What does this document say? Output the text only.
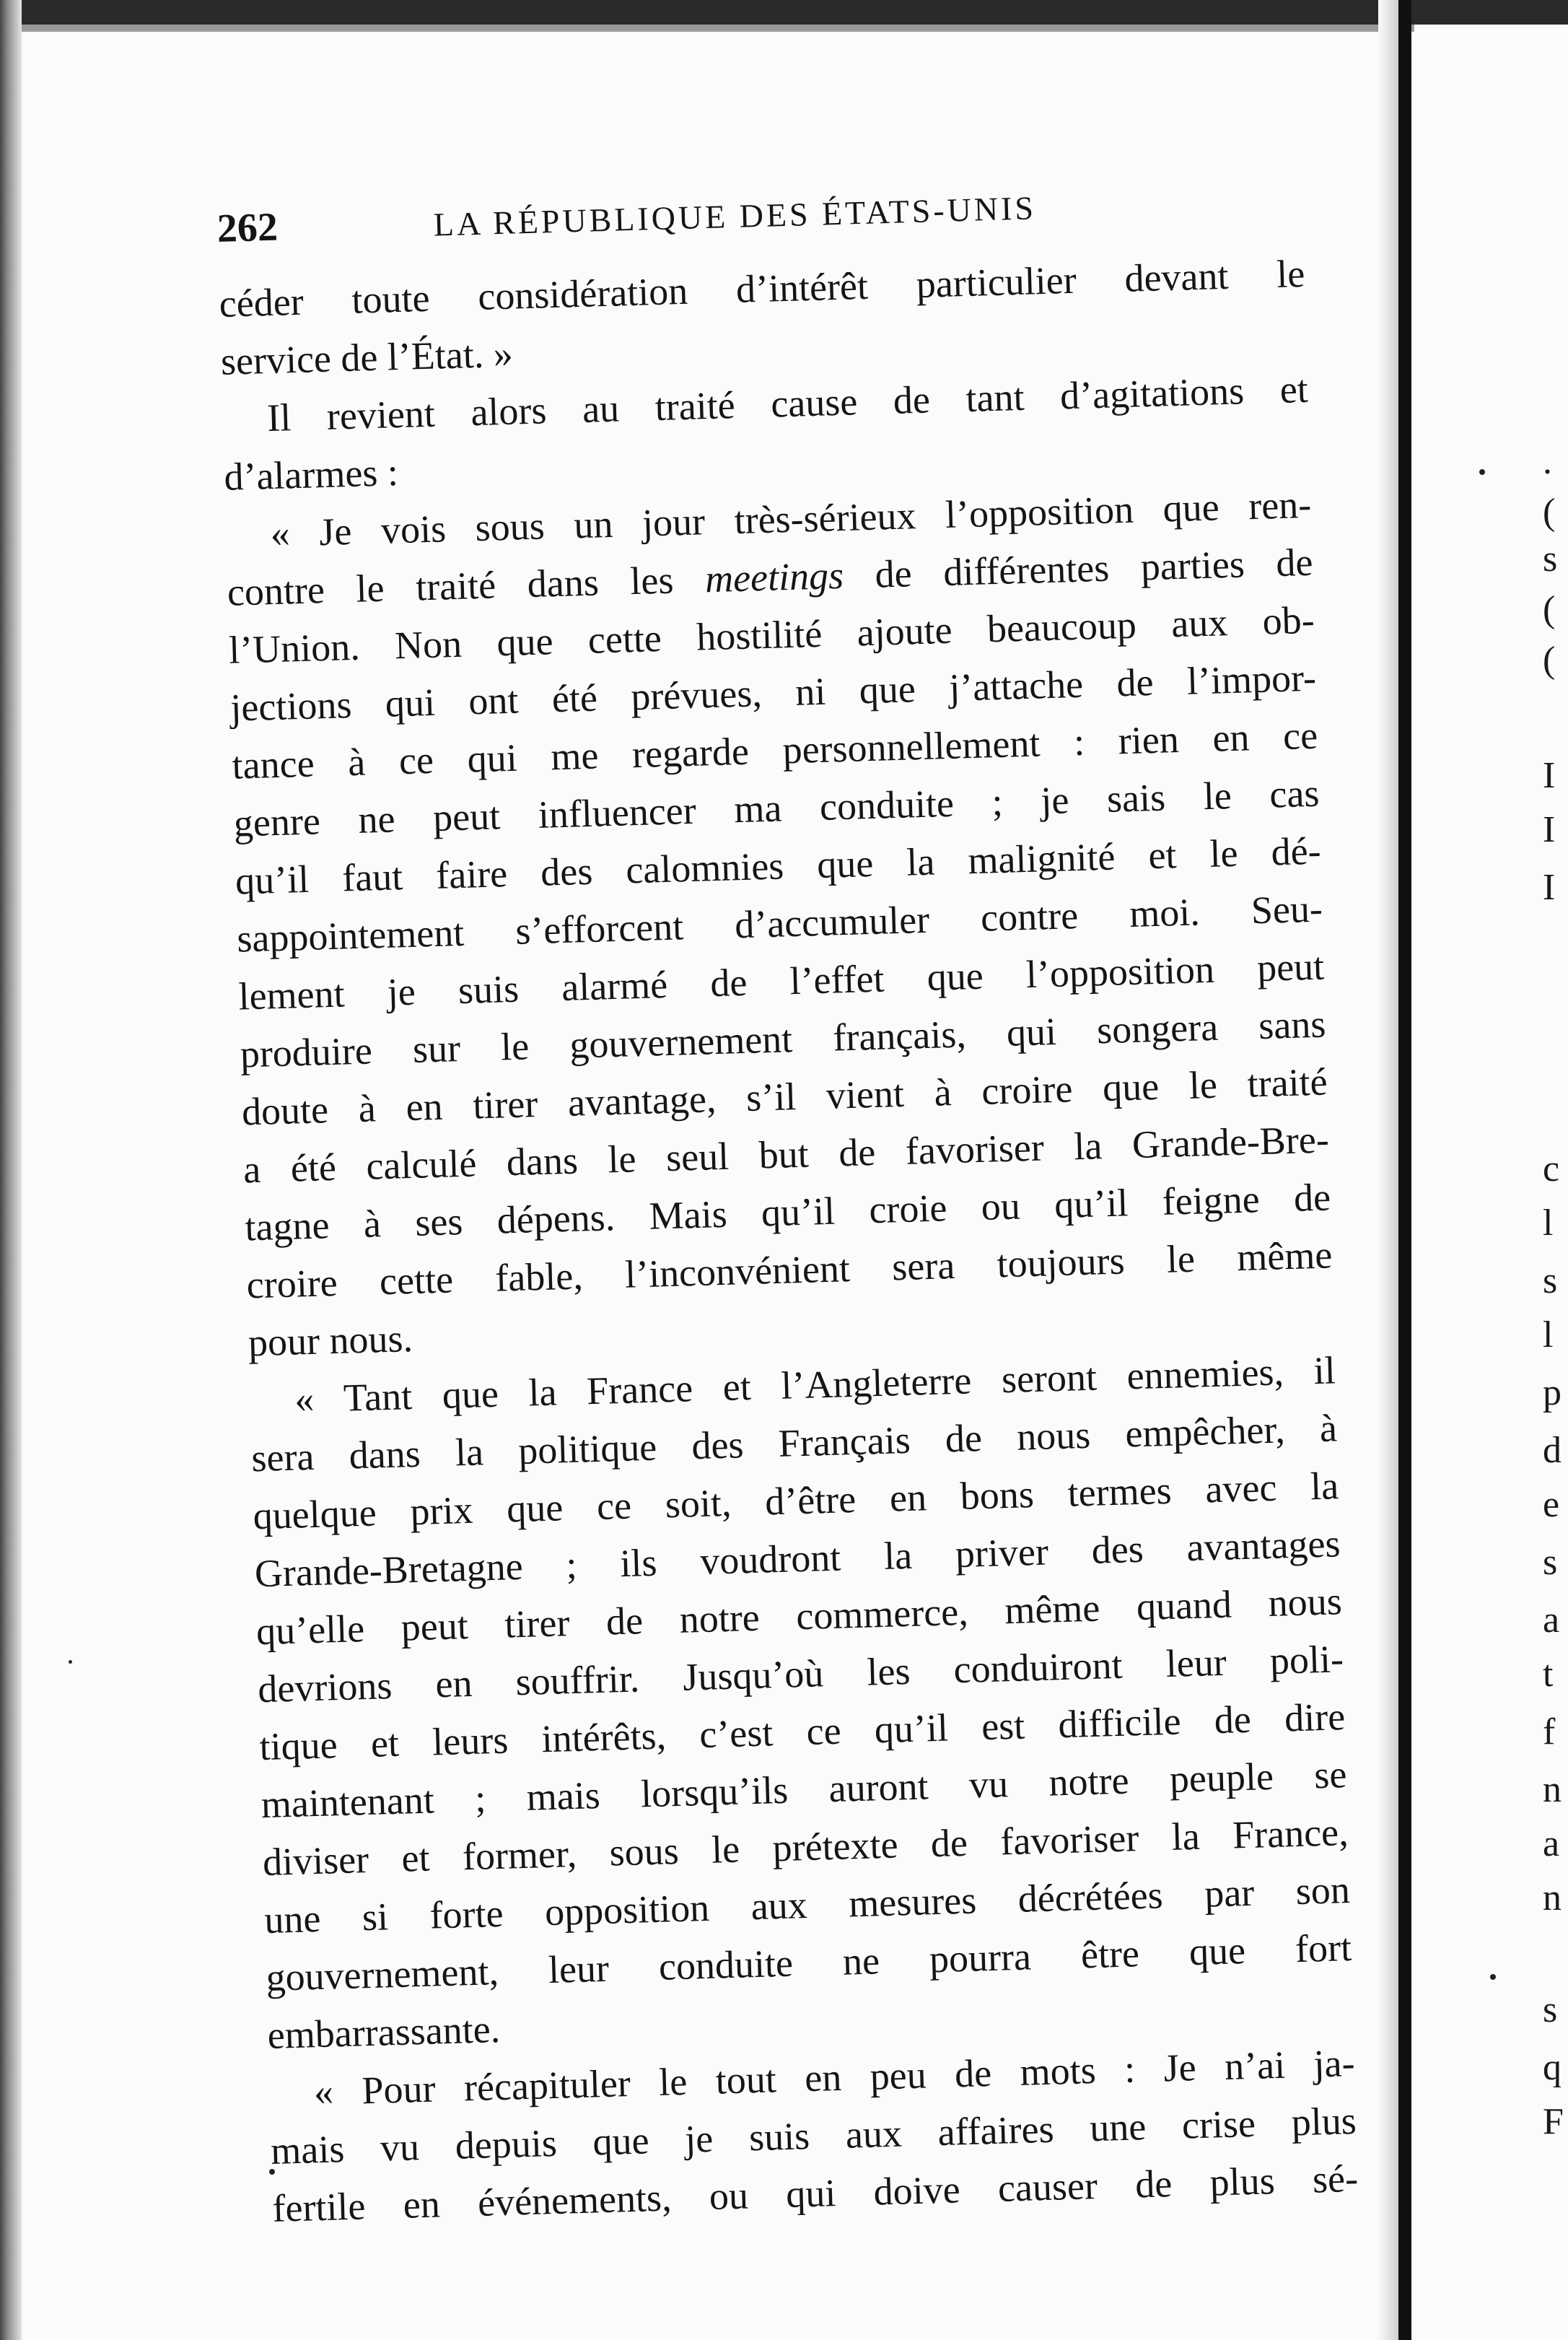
262	LA RÉPUBLIQUE DES ÉTATS-UNIS
céder toute considération d’intérêt particulier devant le
service de l’État. »
Il revient alors au traité cause de tant d’agitations et
d’alarmes :
« Je vois sous un jour très-sérieux l’opposition que ren-
contre le traité dans les meetings de différentes parties de
l’Union. Non que cette hostilité ajoute beaucoup aux ob-
jections qui ont été prévues, ni que j’attache de l’impor-
tance à ce qui me regarde personnellement : rien en ce
genre ne peut influencer ma conduite ; je sais le cas
qu’il faut faire des calomnies que la malignité et le dé-
sappointement s’efforcent d’accumuler contre moi. Seu-
lement je suis alarmé de l’effet que l’opposition peut
produire sur le gouvernement français, qui songera sans
doute à en tirer avantage, s’il vient à croire que le traité
a été calculé dans le seul but de favoriser la Grande-Bre-
tagne à ses dépens. Mais qu’il croie ou qu’il feigne de
croire cette fable, l’inconvénient sera toujours le même
pour nous.
« Tant que la France et l’Angleterre seront ennemies, il
sera dans la politique des Français de nous empêcher, à
quelque prix que ce soit, d’être en bons termes avec la
Grande-Bretagne ; ils voudront la priver des avantages
qu’elle peut tirer de notre commerce, même quand nous
devrions en souffrir. Jusqu’où les conduiront leur poli-
tique et leurs intérêts, c’est ce qu’il est difficile de dire
maintenant ; mais lorsqu’ils auront vu notre peuple se
diviser et former, sous le prétexte de favoriser la France,
une si forte opposition aux mesures décrétées par son
gouvernement, leur conduite ne pourra être que fort
embarrassante.
« Pour récapituler le tout en peu de mots : Je n’ai ja-
mais vu depuis que je suis aux affaires une crise plus
fertile en événements, ou qui doive causer de plus sé-
.
(
s
(
(
I
I
I
c
l
s
l
p
d
e
s
a
t
f
n
a
n
s
q
F
